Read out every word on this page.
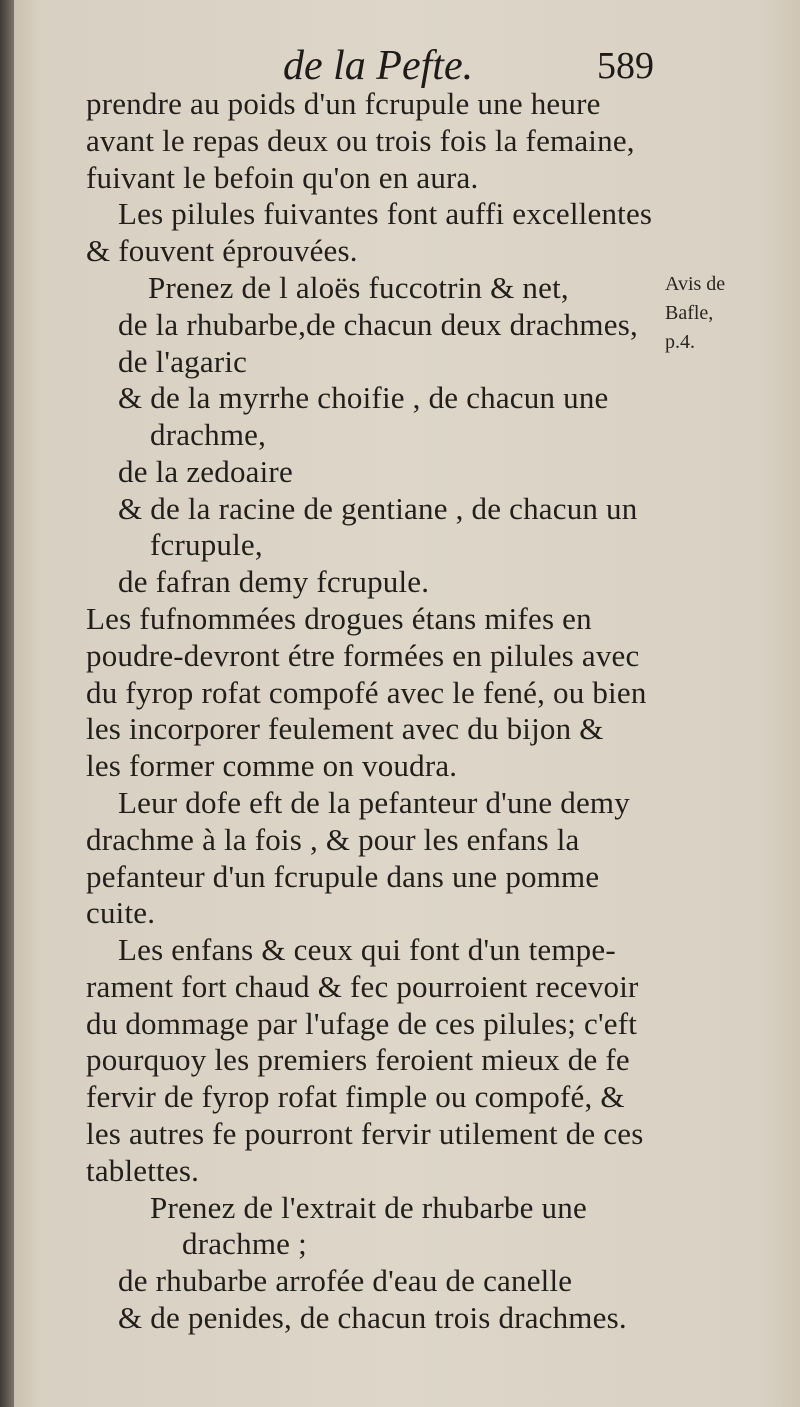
de la Pefte.	589
prendre au poids d'un fcrupule une heure
avant le repas deux ou trois fois la femaine,
fuivant le befoin qu'on en aura.
Les pilules fuivantes font auffi excellentes
& fouvent éprouvées.
Prenez de l aloës fuccotrin & net,
de la rhubarbe,de chacun deux drachmes,
de l'agaric
& de la myrrhe choifie , de chacun une
drachme,
de la zedoaire
& de la racine de gentiane , de chacun un
fcrupule,
de fafran demy fcrupule.
Les fufnommées drogues étans mifes en
poudre-devront étre formées en pilules avec
du fyrop rofat compofé avec le fené, ou bien
les incorporer feulement avec du bijon &
les former comme on voudra.
Leur dofe eft de la pefanteur d'une demy
drachme à la fois , & pour les enfans la
pefanteur d'un fcrupule dans une pomme
cuite.
Les enfans & ceux qui font d'un tempe-
rament fort chaud & fec pourroient recevoir
du dommage par l'ufage de ces pilules; c'eft
pourquoy les premiers feroient mieux de fe
fervir de fyrop rofat fimple ou compofé, &
les autres fe pourront fervir utilement de ces
tablettes.
Prenez de l'extrait de rhubarbe une
drachme ;
de rhubarbe arrofée d'eau de canelle
& de penides, de chacun trois drachmes.
Avis de
Bafle,
p.4.
